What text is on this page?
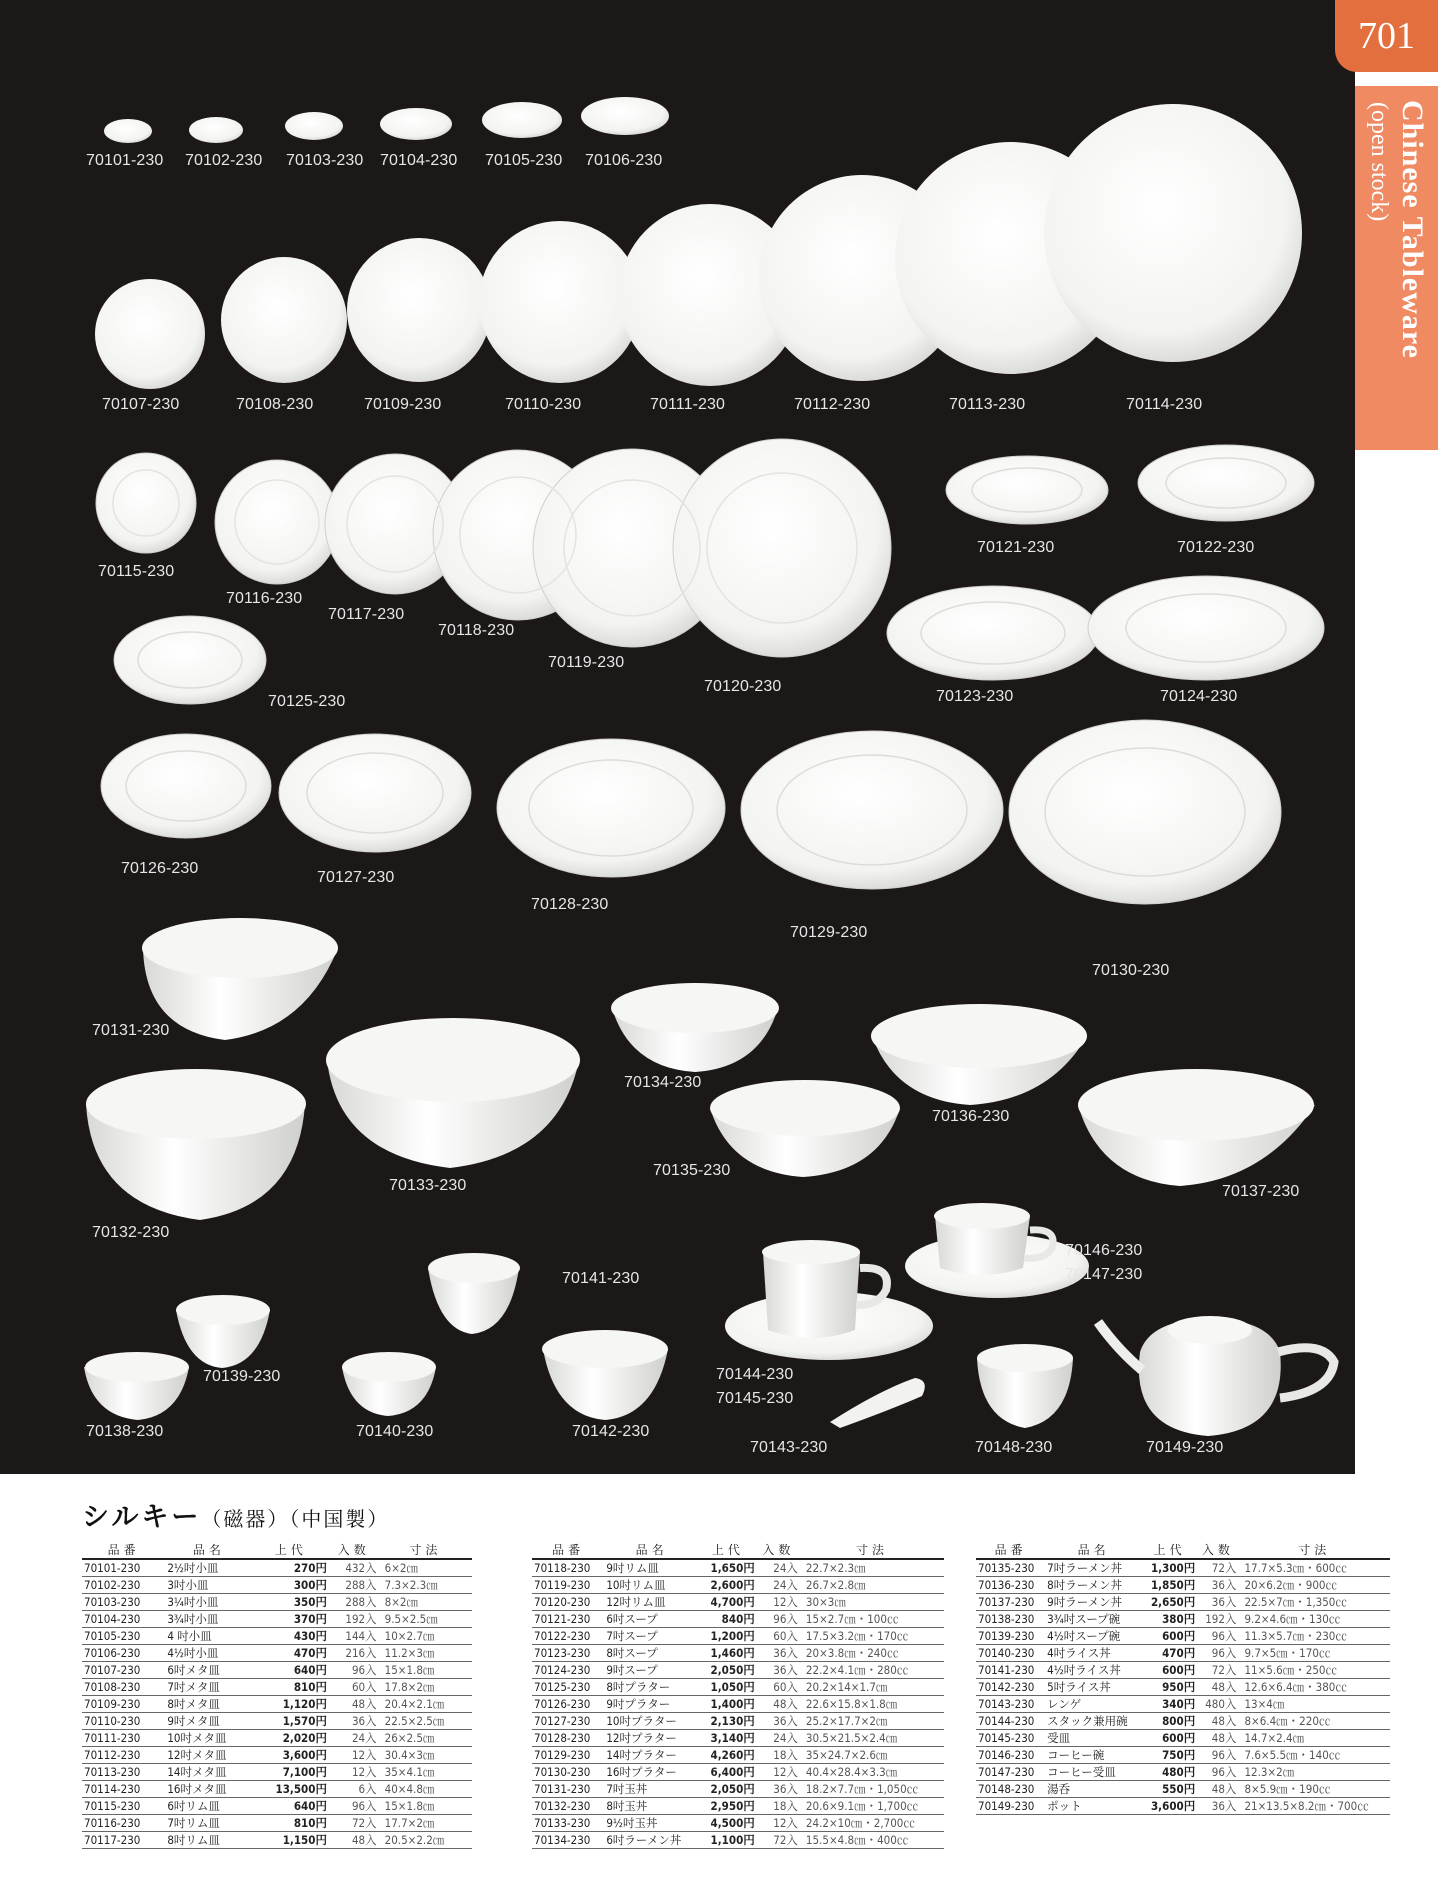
70101-230 70102-230 70103-230 70104-230 70105-230 70106-230
70107-230	70108-230	70109-230	70110-230	70111-230	70112-230	70113-230	70114-230
70115-230
70116-230
70117-230
70118-230
70119-230
70120-230
70121-230	70122-230
70123-230	70124-230
70125-230
70126-230
70127-230
70128-230
70129-230
70130-230
70131-230
70132-230
70133-230
70134-230
70135-230
70136-230
70137-230
70138-230
70139-230
70140-230
70141-230
70142-230
70143-230
70144-230
70145-230
70146-230
70147-230
70148-230	70149-230
701
Chinese Tableware
(open stock)
シルキー（磁器）（中国製）
品番	品名	上代	入数	寸法
70101-230	2½吋小皿	270円	432入	6×2㎝
70102-230	3吋小皿	300円	288入	7.3×2.3㎝
70103-230	3¼吋小皿	350円	288入	8×2㎝
70104-230	3¾吋小皿	370円	192入	9.5×2.5㎝
70105-230	4 吋小皿	430円	144入	10×2.7㎝
70106-230	4½吋小皿	470円	216入	11.2×3㎝
70107-230	6吋メタ皿	640円	96入	15×1.8㎝
70108-230	7吋メタ皿	810円	60入	17.8×2㎝
70109-230	8吋メタ皿	1,120円	48入	20.4×2.1㎝
70110-230	9吋メタ皿	1,570円	36入	22.5×2.5㎝
70111-230	10吋メタ皿	2,020円	24入	26×2.5㎝
70112-230	12吋メタ皿	3,600円	12入	30.4×3㎝
70113-230	14吋メタ皿	7,100円	12入	35×4.1㎝
70114-230	16吋メタ皿	13,500円	6入	40×4.8㎝
70115-230	6吋リム皿	640円	96入	15×1.8㎝
70116-230	7吋リム皿	810円	72入	17.7×2㎝
70117-230	8吋リム皿	1,150円	48入	20.5×2.2㎝
品番	品名	上代	入数	寸法
70118-230	9吋リム皿	1,650円	24入	22.7×2.3㎝
70119-230	10吋リム皿	2,600円	24入	26.7×2.8㎝
70120-230	12吋リム皿	4,700円	12入	30×3㎝
70121-230	6吋スープ	840円	96入	15×2.7㎝・100㏄
70122-230	7吋スープ	1,200円	60入	17.5×3.2㎝・170㏄
70123-230	8吋スープ	1,460円	36入	20×3.8㎝・240㏄
70124-230	9吋スープ	2,050円	36入	22.2×4.1㎝・280㏄
70125-230	8吋プラター	1,050円	60入	20.2×14×1.7㎝
70126-230	9吋プラター	1,400円	48入	22.6×15.8×1.8㎝
70127-230	10吋プラター	2,130円	36入	25.2×17.7×2㎝
70128-230	12吋プラター	3,140円	24入	30.5×21.5×2.4㎝
70129-230	14吋プラター	4,260円	18入	35×24.7×2.6㎝
70130-230	16吋プラター	6,400円	12入	40.4×28.4×3.3㎝
70131-230	7吋玉丼	2,050円	36入	18.2×7.7㎝・1,050㏄
70132-230	8吋玉丼	2,950円	18入	20.6×9.1㎝・1,700㏄
70133-230	9½吋玉丼	4,500円	12入	24.2×10㎝・2,700㏄
70134-230	6吋ラーメン丼	1,100円	72入	15.5×4.8㎝・400㏄
品番	品名	上代	入数	寸法
70135-230	7吋ラーメン丼	1,300円	72入	17.7×5.3㎝・600㏄
70136-230	8吋ラーメン丼	1,850円	36入	20×6.2㎝・900㏄
70137-230	9吋ラーメン丼	2,650円	36入	22.5×7㎝・1,350㏄
70138-230	3¾吋スープ碗	380円	192入	9.2×4.6㎝・130㏄
70139-230	4½吋スープ碗	600円	96入	11.3×5.7㎝・230㏄
70140-230	4吋ライス丼	470円	96入	9.7×5㎝・170㏄
70141-230	4½吋ライス丼	600円	72入	11×5.6㎝・250㏄
70142-230	5吋ライス丼	950円	48入	12.6×6.4㎝・380㏄
70143-230	レンゲ	340円	480入	13×4㎝
70144-230	スタック兼用碗	800円	48入	8×6.4㎝・220㏄
70145-230	受皿	600円	48入	14.7×2.4㎝
70146-230	コーヒー碗	750円	96入	7.6×5.5㎝・140㏄
70147-230	コーヒー受皿	480円	96入	12.3×2㎝
70148-230	湯呑	550円	48入	8×5.9㎝・190㏄
70149-230	ポット	3,600円	36入	21×13.5×8.2㎝・700㏄
